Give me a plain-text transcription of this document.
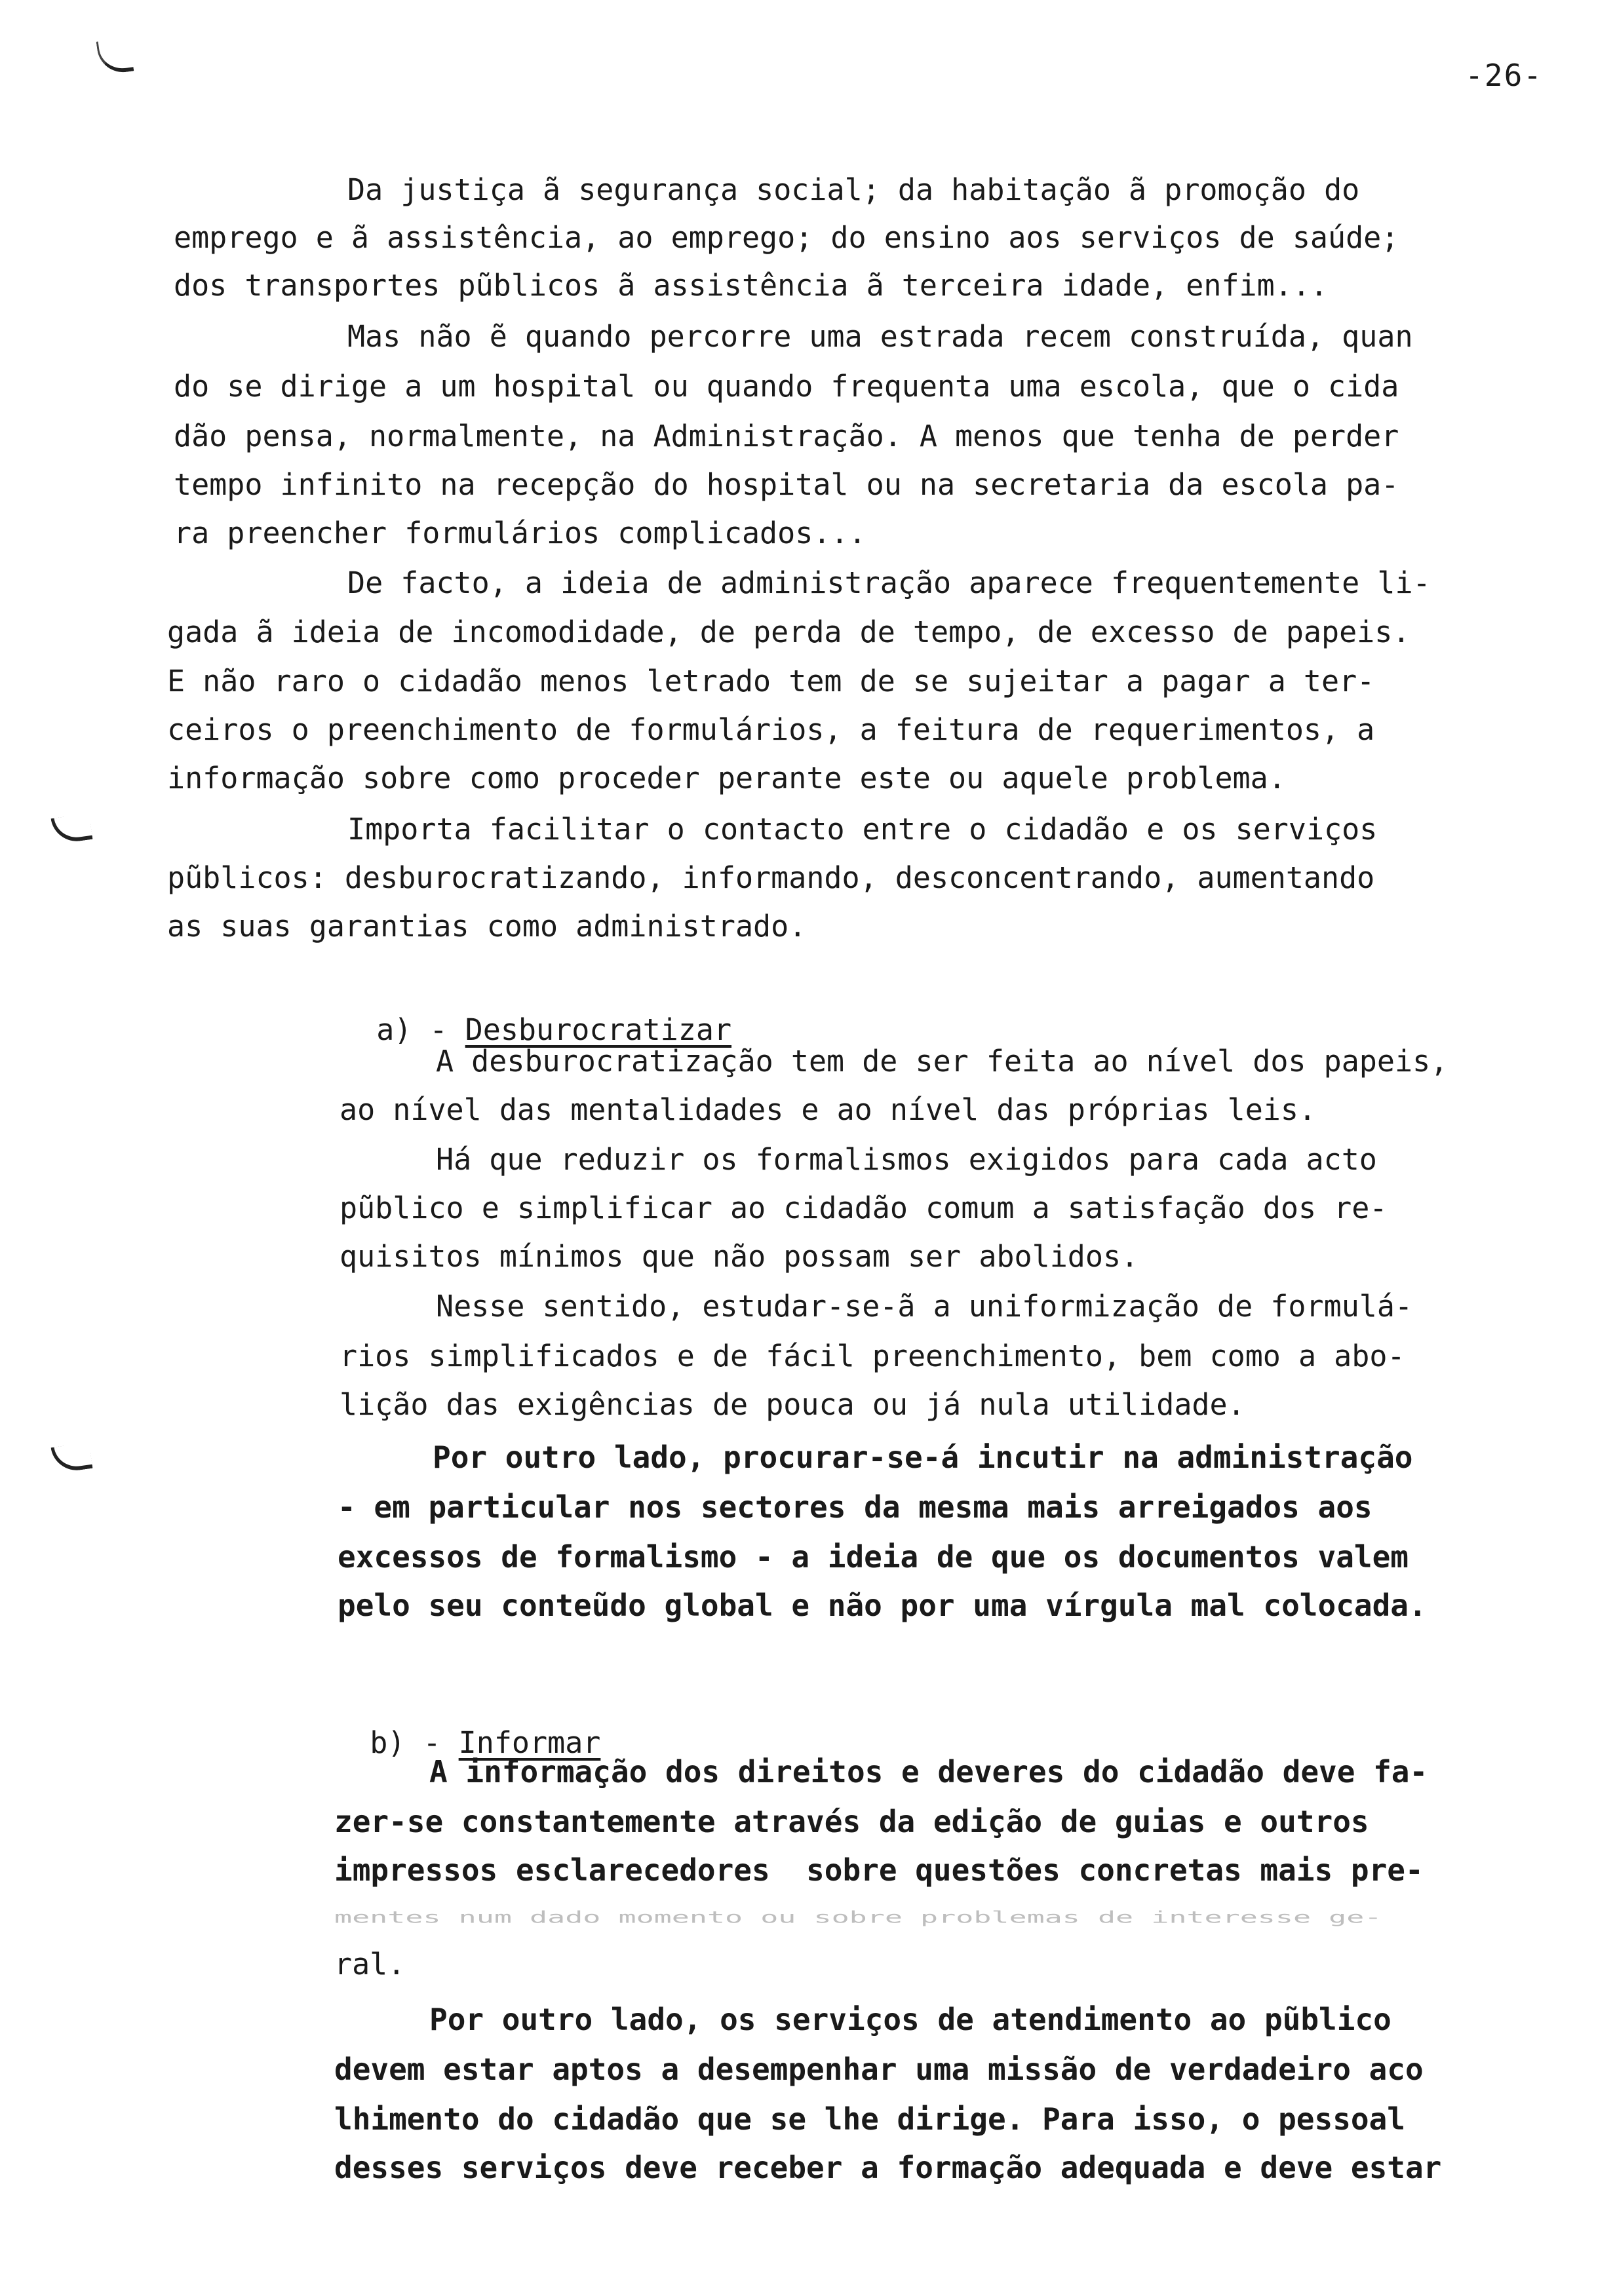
-26-
Da justiça ã segurança social; da habitação ã promoção do
emprego e ã assistência, ao emprego; do ensino aos serviços de saúde;
dos transportes pũblicos ã assistência ã terceira idade, enfim...
Mas não ẽ quando percorre uma estrada recem construída, quan
do se dirige a um hospital ou quando frequenta uma escola, que o cida
dão pensa, normalmente, na Administração. A menos que tenha de perder
tempo infinito na recepção do hospital ou na secretaria da escola pa-
ra preencher formulários complicados...
De facto, a ideia de administração aparece frequentemente li-
gada ã ideia de incomodidade, de perda de tempo, de excesso de papeis.
E não raro o cidadão menos letrado tem de se sujeitar a pagar a ter-
ceiros o preenchimento de formulários, a feitura de requerimentos, a
informação sobre como proceder perante este ou aquele problema.
Importa facilitar o contacto entre o cidadão e os serviços
pũblicos: desburocratizando, informando, desconcentrando, aumentando
as suas garantias como administrado.

a) - Desburocratizar

A desburocratização tem de ser feita ao nível dos papeis,
ao nível das mentalidades e ao nível das próprias leis.
Há que reduzir os formalismos exigidos para cada acto
pũblico e simplificar ao cidadão comum a satisfação dos re-
quisitos mínimos que não possam ser abolidos.
Nesse sentido, estudar-se-ã a uniformização de formulá-
rios simplificados e de fácil preenchimento, bem como a abo-
lição das exigências de pouca ou já nula utilidade.
Por outro lado, procurar-se-á incutir na administração
- em particular nos sectores da mesma mais arreigados aos
excessos de formalismo - a ideia de que os documentos valem
pelo seu conteũdo global e não por uma vírgula mal colocada.

b) - Informar

A informação dos direitos e deveres do cidadão deve fa-
zer-se constantemente através da edição de guias e outros
impressos esclarecedores  sobre questões concretas mais pre-
mentes num dado momento ou sobre problemas de interesse ge-
ral.
Por outro lado, os serviços de atendimento ao pũblico
devem estar aptos a desempenhar uma missão de verdadeiro aco
lhimento do cidadão que se lhe dirige. Para isso, o pessoal
desses serviços deve receber a formação adequada e deve estar
